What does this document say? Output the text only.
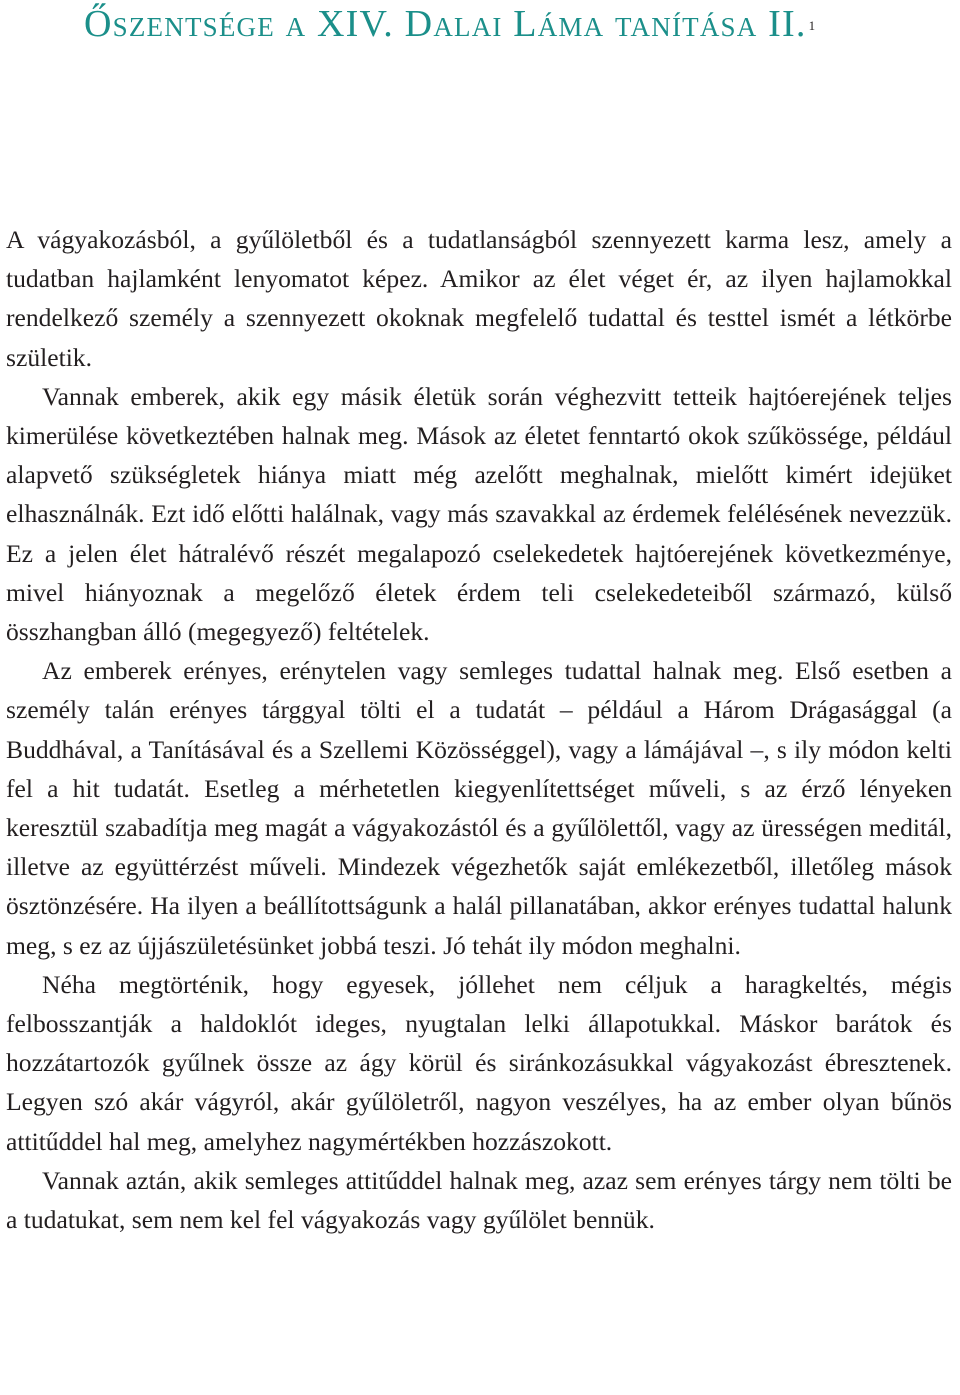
Őszentsége a XIV. Dalai Láma tanítása II. $^1$

A vágyakozásból, a gyűlöletből és a tudatlanságból szennyezett karma lesz, amely a tudatban hajlamként lenyomatot képez. Amikor az élet véget ér, az ilyen hajlamokkal rendelkező személy a szennyezett okoknak megfelelő tudattal és testtel ismét a létkörbe születik.

Vannak emberek, akik egy másik életük során véghezvitt tetteik hajtóerejének teljes kimerülése következtében halnak meg. Mások az életet fenntartó okok szűkössége, például alapvető szükségletek hiánya miatt még azelőtt meghalnak, mielőtt kimért idejüket elhasználnák. Ezt idő előtti halálnak, vagy más szavakkal az érdemek felélésének nevezzük. Ez a jelen élet hátralévő részét megalapozó cselekedetek hajtóerejének következménye, mivel hiányoznak a megelőző életek érdem teli cselekedeteiből származó, külső összhangban álló (megegyező) feltételek.

Az emberek erényes, erénytelen vagy semleges tudattal halnak meg. Első esetben a személy talán erényes tárggyal tölti el a tudatát – például a Három Drágasággal (a Buddhával, a Tanításával és a Szellemi Közösséggel), vagy a lámájával –, s ily módon kelti fel a hit tudatát. Esetleg a mérhetetlen kiegyenlítettséget műveli, s az érző lényeken keresztül szabadítja meg magát a vágyakozástól és a gyűlölettől, vagy az ürességen meditál, illetve az együttérzést műveli. Mindezek végezhetők saját emlékezetből, illetőleg mások ösztönzésére. Ha ilyen a beállítottságunk a halál pillanatában, akkor erényes tudattal halunk meg, s ez az újjászületésünket jobbá teszi. Jó tehát ily módon meghalni.

Néha megtörténik, hogy egyesek, jóllehet nem céljuk a haragkeltés, mégis felbosszantják a haldoklót ideges, nyugtalan lelki állapotukkal. Máskor barátok és hozzátartozók gyűlnek össze az ágy körül és siránkozásukkal vágyakozást ébresztenek. Legyen szó akár vágyról, akár gyűlöletről, nagyon veszélyes, ha az ember olyan bűnös attitűddel hal meg, amelyhez nagymértékben hozzászokott.

Vannak aztán, akik semleges attitűddel halnak meg, azaz sem erényes tárgy nem tölti be a tudatukat, sem nem kel fel vágyakozás vagy gyűlölet bennük.
